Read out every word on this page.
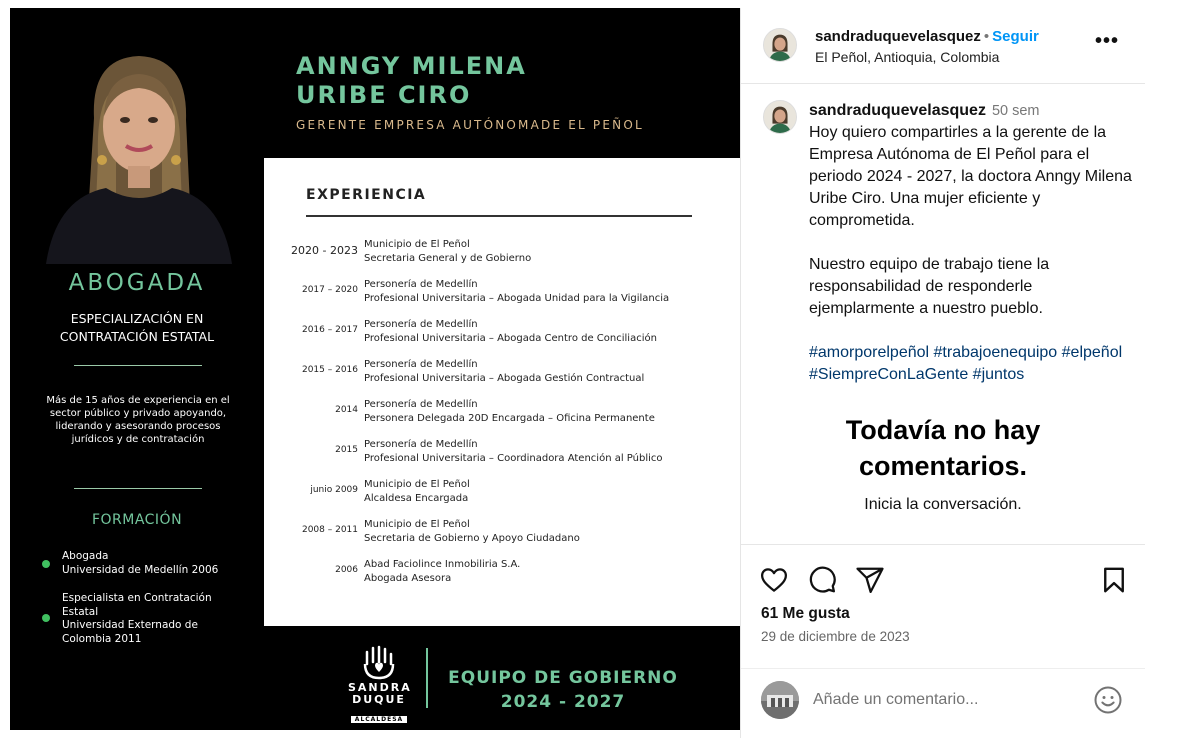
ABOGADA
ESPECIALIZACIÓN EN
CONTRATACIÓN ESTATAL
Más de 15 años de experiencia en el sector público y privado apoyando, liderando y asesorando procesos jurídicos y de contratación
FORMACIÓN
Abogada
Universidad de Medellín 2006
Especialista en Contratación
Estatal
Universidad Externado de
Colombia 2011
ANNGY MILENA
URIBE CIRO
GERENTE EMPRESA AUTÓNOMADE EL PEÑOL
EXPERIENCIA
2020 - 2023 Municipio de El Peñol
Secretaria General y de Gobierno
2017 – 2020 Personería de Medellín
Profesional Universitaria – Abogada Unidad para la Vigilancia
2016 – 2017 Personería de Medellín
Profesional Universitaria – Abogada Centro de Conciliación
2015 – 2016 Personería de Medellín
Profesional Universitaria – Abogada Gestión Contractual
2014 Personería de Medellín
Personera Delegada 20D Encargada – Oficina Permanente
2015 Personería de Medellín
Profesional Universitaria – Coordinadora Atención al Público
junio 2009 Municipio de El Peñol
Alcaldesa Encargada
2008 – 2011 Municipio de El Peñol
Secretaria de Gobierno y Apoyo Ciudadano
2006 Abad Faciolince Inmobiliria S.A.
Abogada Asesora
SANDRA
DUQUE
ALCALDESA
EQUIPO DE GOBIERNO
2024 - 2027
sandraduquevelasquez • Seguir
El Peñol, Antioquia, Colombia
•••

sandraduquevelasquez 50 sem

Hoy quiero compartirles a la gerente de la Empresa Autónoma de El Peñol para el periodo 2024 - 2027, la doctora Anngy Milena Uribe Ciro. Una mujer eficiente y comprometida.

Nuestro equipo de trabajo tiene la responsabilidad de responderle ejemplarmente a nuestro pueblo.

#amorporelpeñol #trabajoenequipo #elpeñol #SiempreConLaGente #juntos

Todavía no hay
comentarios.
Inicia la conversación.
61 Me gusta
29 de diciembre de 2023
Añade un comentario...
